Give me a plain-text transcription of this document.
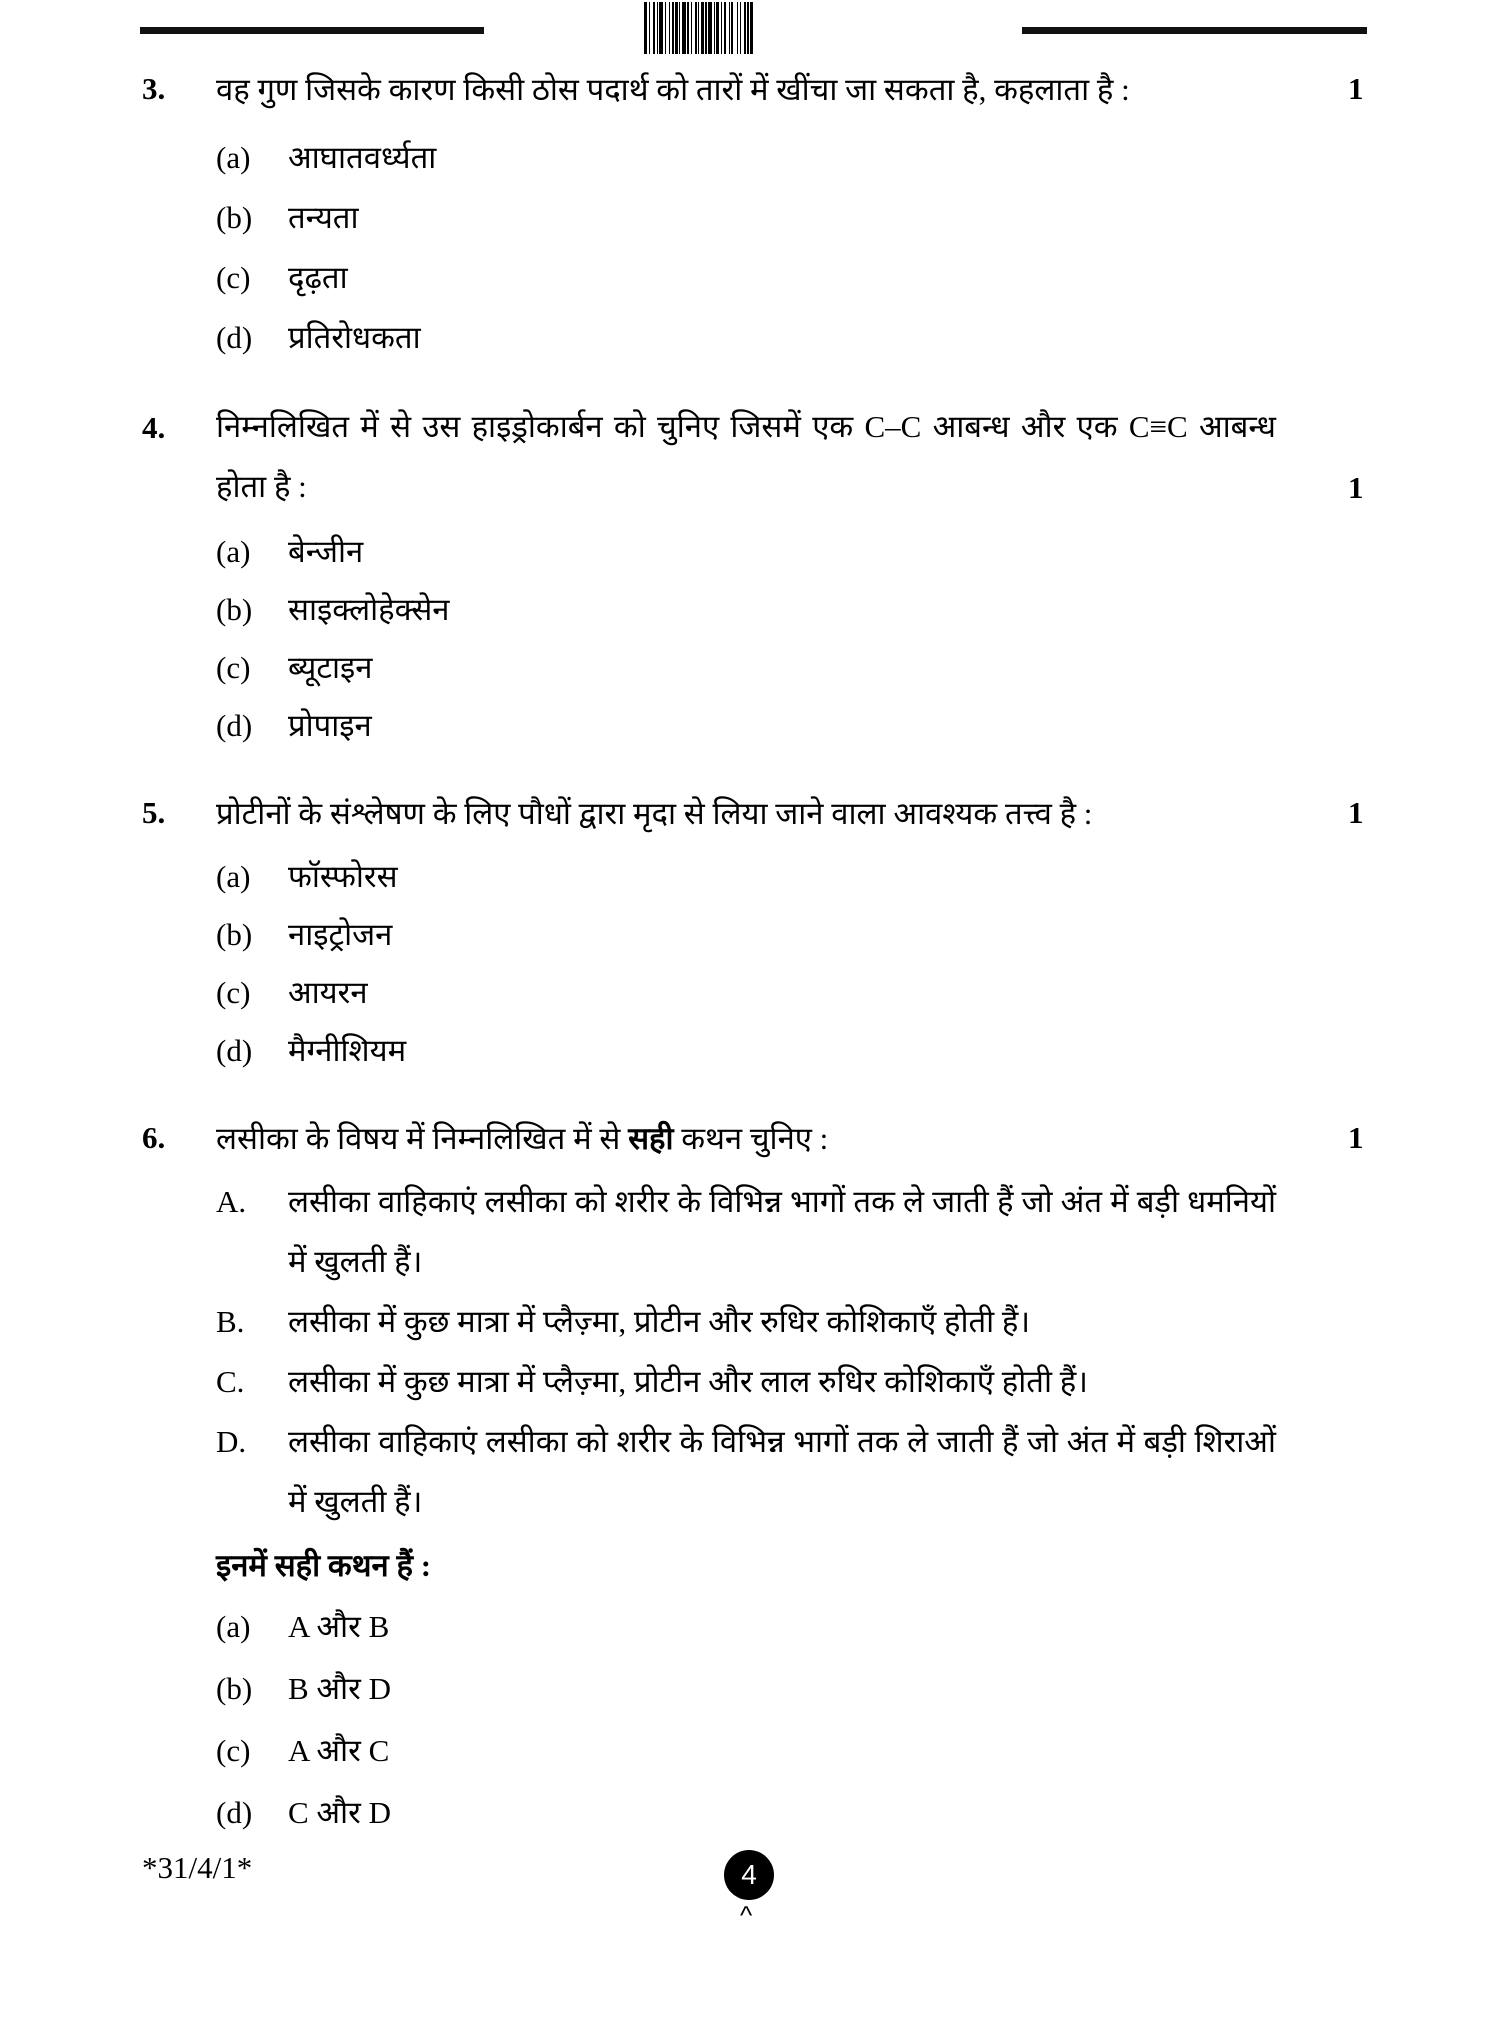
3. वह गुण जिसके कारण किसी ठोस पदार्थ को तारों में खींचा जा सकता है, कहलाता है :	1
(a) आघातवर्ध्यता
(b) तन्यता
(c) दृढ़ता
(d) प्रतिरोधकता
4. निम्नलिखित में से उस हाइड्रोकार्बन को चुनिए जिसमें एक C–C आबन्ध और एक C≡C आबन्ध होता है :	1
(a) बेन्जीन
(b) साइक्लोहेक्सेन
(c) ब्यूटाइन
(d) प्रोपाइन
5. प्रोटीनों के संश्लेषण के लिए पौधों द्वारा मृदा से लिया जाने वाला आवश्यक तत्त्व है :	1
(a) फॉस्फोरस
(b) नाइट्रोजन
(c) आयरन
(d) मैग्नीशियम
6. लसीका के विषय में निम्नलिखित में से सही कथन चुनिए :	1
A. लसीका वाहिकाएं लसीका को शरीर के विभिन्न भागों तक ले जाती हैं जो अंत में बड़ी धमनियों में खुलती हैं।
B. लसीका में कुछ मात्रा में प्लैज़्मा, प्रोटीन और रुधिर कोशिकाएँ होती हैं।
C. लसीका में कुछ मात्रा में प्लैज़्मा, प्रोटीन और लाल रुधिर कोशिकाएँ होती हैं।
D. लसीका वाहिकाएं लसीका को शरीर के विभिन्न भागों तक ले जाती हैं जो अंत में बड़ी शिराओं में खुलती हैं।
इनमें सही कथन हैं :
(a) A और B
(b) B और D
(c) A और C
(d) C और D
*31/4/1*	4
^
